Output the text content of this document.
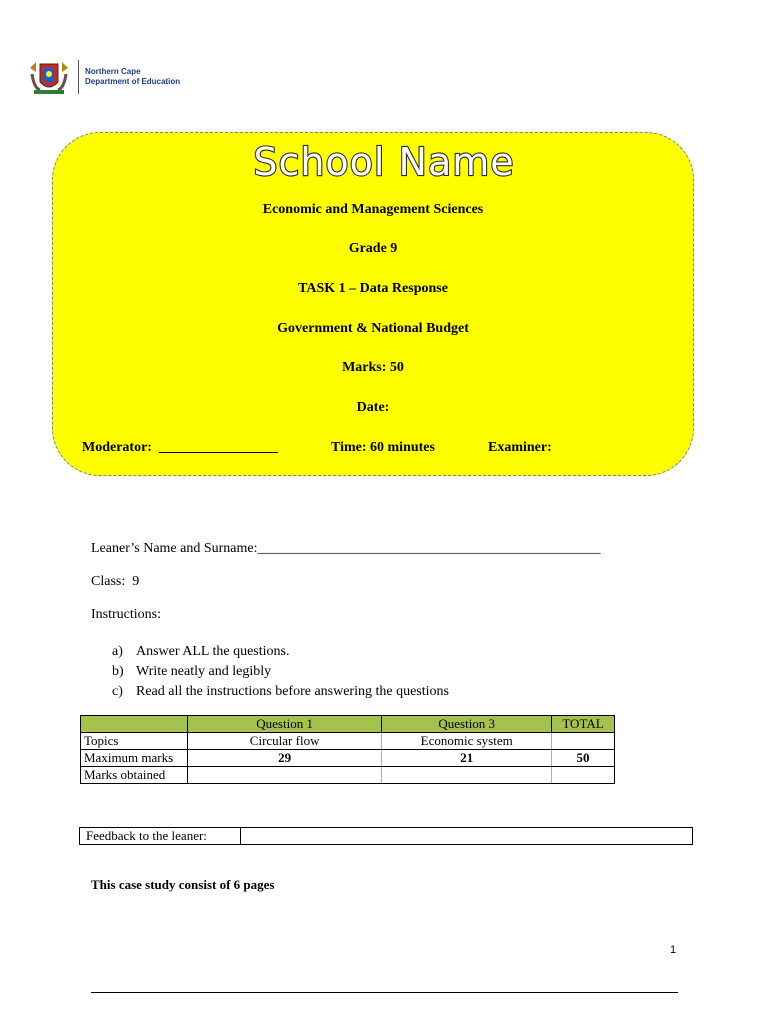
Northern Cape
Department of Education
School Name
Economic and Management Sciences
Grade 9
TASK 1 – Data Response
Government & National Budget
Marks: 50
Date:
Moderator:  _________________	Time: 60 minutes	Examiner:
Leaner’s Name and Surname:_________________________________________________
Class:  9
Instructions:
a) Answer ALL the questions.
b) Write neatly and legibly
c) Read all the instructions before answering the questions
	Question 1	Question 3	TOTAL
Topics	Circular flow	Economic system	
Maximum marks	29	21	50
Marks obtained			
Feedback to the leaner:	
This case study consist of 6 pages
1
